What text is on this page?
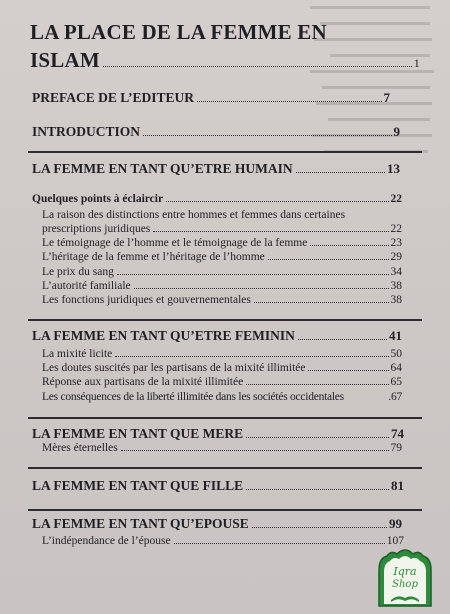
LA PLACE DE LA FEMME EN
ISLAM	1
PREFACE DE L’EDITEUR	7
INTRODUCTION	9
LA FEMME EN TANT QU’ETRE HUMAIN	13
Quelques points à éclaircir	22
La raison des distinctions entre hommes et femmes dans certaines
prescriptions juridiques	22
Le témoignage de l’homme et le témoignage de la femme	23
L’héritage de la femme et l’héritage de l’homme	29
Le prix du sang	34
L’autorité familiale	38
Les fonctions juridiques et gouvernementales	38
LA FEMME EN TANT QU’ETRE FEMININ	41
La mixité licite	50
Les doutes suscités par les partisans de la mixité illimitée	64
Réponse aux partisans de la mixité illimitée	65
Les conséquences de la liberté illimitée dans les sociétés occidentales	.67
LA FEMME EN TANT QUE MERE	74
Mères éternelles	79
LA FEMME EN TANT QUE FILLE	81
LA FEMME EN TANT QU’EPOUSE	99
L’indépendance de l’épouse	107
Iqra
Shop
